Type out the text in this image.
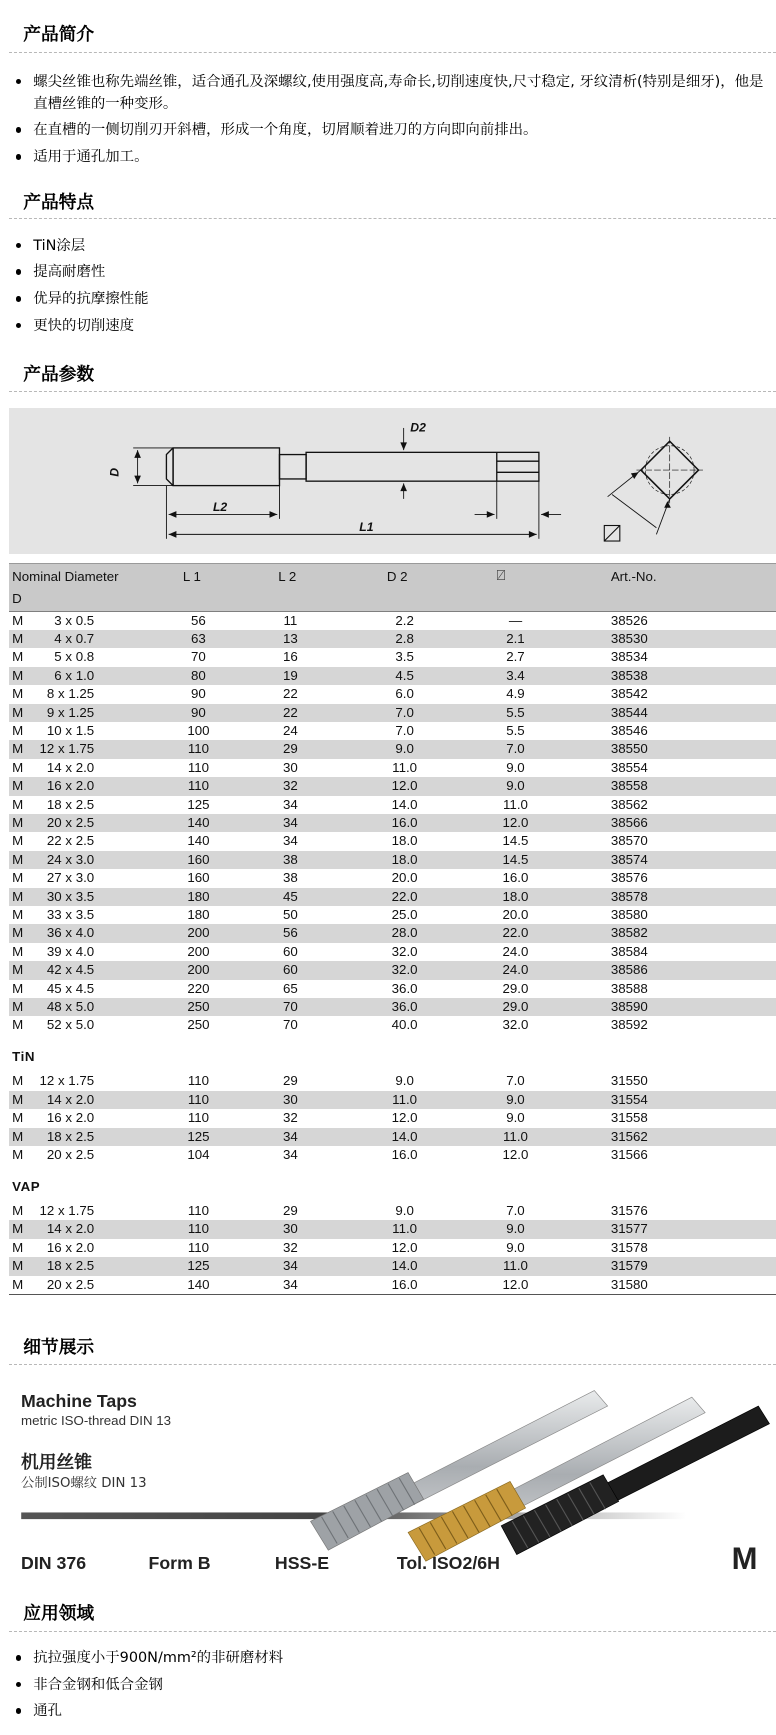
产品简介
螺尖丝锥也称先端丝锥，适合通孔及深螺纹,使用强度高,寿命长,切削速度快,尺寸稳定, 牙纹清析(特别是细牙)，他是直槽丝锥的一种变形。
在直槽的一侧切削刃开斜槽，形成一个角度，切屑顺着进刀的方向即向前排出。
适用于通孔加工。
产品特点
TiN涂层
提高耐磨性
优异的抗摩擦性能
更快的切削速度
产品参数
D
D2
L2
L1
Nominal Diameter
D
L 1	L 2	D 2	⍁	Art.-No.
M	3 x 0.5	56	11	2.2	—	38526
M	4 x 0.7	63	13	2.8	2.1	38530
M	5 x 0.8	70	16	3.5	2.7	38534
M	6 x 1.0	80	19	4.5	3.4	38538
M	8 x 1.25	90	22	6.0	4.9	38542
M	9 x 1.25	90	22	7.0	5.5	38544
M	10 x 1.5	100	24	7.0	5.5	38546
M	12 x 1.75	110	29	9.0	7.0	38550
M	14 x 2.0	110	30	11.0	9.0	38554
M	16 x 2.0	110	32	12.0	9.0	38558
M	18 x 2.5	125	34	14.0	11.0	38562
M	20 x 2.5	140	34	16.0	12.0	38566
M	22 x 2.5	140	34	18.0	14.5	38570
M	24 x 3.0	160	38	18.0	14.5	38574
M	27 x 3.0	160	38	20.0	16.0	38576
M	30 x 3.5	180	45	22.0	18.0	38578
M	33 x 3.5	180	50	25.0	20.0	38580
M	36 x 4.0	200	56	28.0	22.0	38582
M	39 x 4.0	200	60	32.0	24.0	38584
M	42 x 4.5	200	60	32.0	24.0	38586
M	45 x 4.5	220	65	36.0	29.0	38588
M	48 x 5.0	250	70	36.0	29.0	38590
M	52 x 5.0	250	70	40.0	32.0	38592
TiN
M	12 x 1.75	110	29	9.0	7.0	31550
M	14 x 2.0	110	30	11.0	9.0	31554
M	16 x 2.0	110	32	12.0	9.0	31558
M	18 x 2.5	125	34	14.0	11.0	31562
M	20 x 2.5	104	34	16.0	12.0	31566
VAP
M	12 x 1.75	110	29	9.0	7.0	31576
M	14 x 2.0	110	30	11.0	9.0	31577
M	16 x 2.0	110	32	12.0	9.0	31578
M	18 x 2.5	125	34	14.0	11.0	31579
M	20 x 2.5	140	34	16.0	12.0	31580
细节展示
Machine Taps
metric ISO-thread DIN 13
机用丝锥
公制ISO螺纹 DIN 13
DIN 376	Form B	HSS-E	Tol. ISO2/6H	M
应用领域
抗拉强度小于900N/mm²的非研磨材料
非合金钢和低合金钢
通孔
